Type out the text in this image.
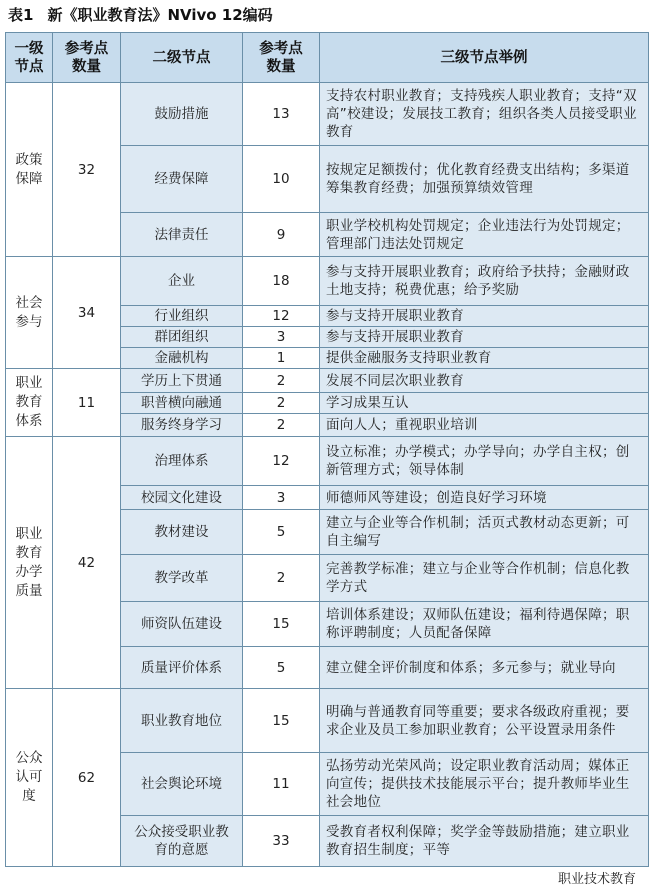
表1 新《职业教育法》NVivo 12编码
一级节点	参考点数量	二级节点	参考点数量	三级节点举例

政策保障	32	鼓励措施	13	支持农村职业教育；支持残疾人职业教育；支持“双高”校建设；发展技工教育；组织各类人员接受职业教育
		经费保障	10	按规定足额拨付；优化教育经费支出结构；多渠道筹集教育经费；加强预算绩效管理
		法律责任	9	职业学校机构处罚规定；企业违法行为处罚规定；管理部门违法处罚规定

社会参与	34	企业	18	参与支持开展职业教育；政府给予扶持；金融财政土地支持；税费优惠；给予奖励
		行业组织	12	参与支持开展职业教育
		群团组织	3	参与支持开展职业教育
		金融机构	1	提供金融服务支持职业教育

职业教育体系	11	学历上下贯通	2	发展不同层次职业教育
		职普横向融通	2	学习成果互认
		服务终身学习	2	面向人人；重视职业培训

职业教育办学质量	42	治理体系	12	设立标准；办学模式；办学导向；办学自主权；创新管理方式；领导体制
		校园文化建设	3	师德师风等建设；创造良好学习环境
		教材建设	5	建立与企业等合作机制；活页式教材动态更新；可自主编写
		教学改革	2	完善教学标准；建立与企业等合作机制；信息化教学方式
		师资队伍建设	15	培训体系建设；双师队伍建设；福利待遇保障；职称评聘制度；人员配备保障
		质量评价体系	5	建立健全评价制度和体系；多元参与；就业导向

公众认可度	62	职业教育地位	15	明确与普通教育同等重要；要求各级政府重视；要求企业及员工参加职业教育；公平设置录用条件
		社会舆论环境	11	弘扬劳动光荣风尚；设定职业教育活动周；媒体正向宣传；提供技术技能展示平台；提升教师毕业生社会地位
		公众接受职业教育的意愿	33	受教育者权利保障；奖学金等鼓励措施；建立职业教育招生制度；平等
职业技术教育
